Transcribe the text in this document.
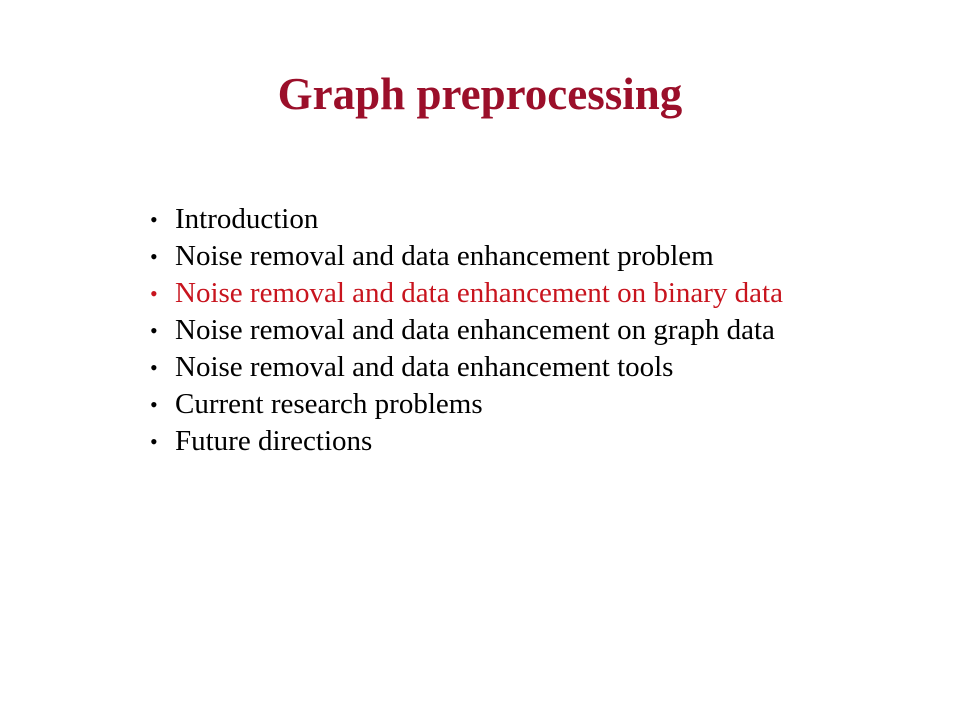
Graph preprocessing
• Introduction
• Noise removal and data enhancement problem
• Noise removal and data enhancement on binary data
• Noise removal and data enhancement on graph data
• Noise removal and data enhancement tools
• Current research problems
• Future directions
